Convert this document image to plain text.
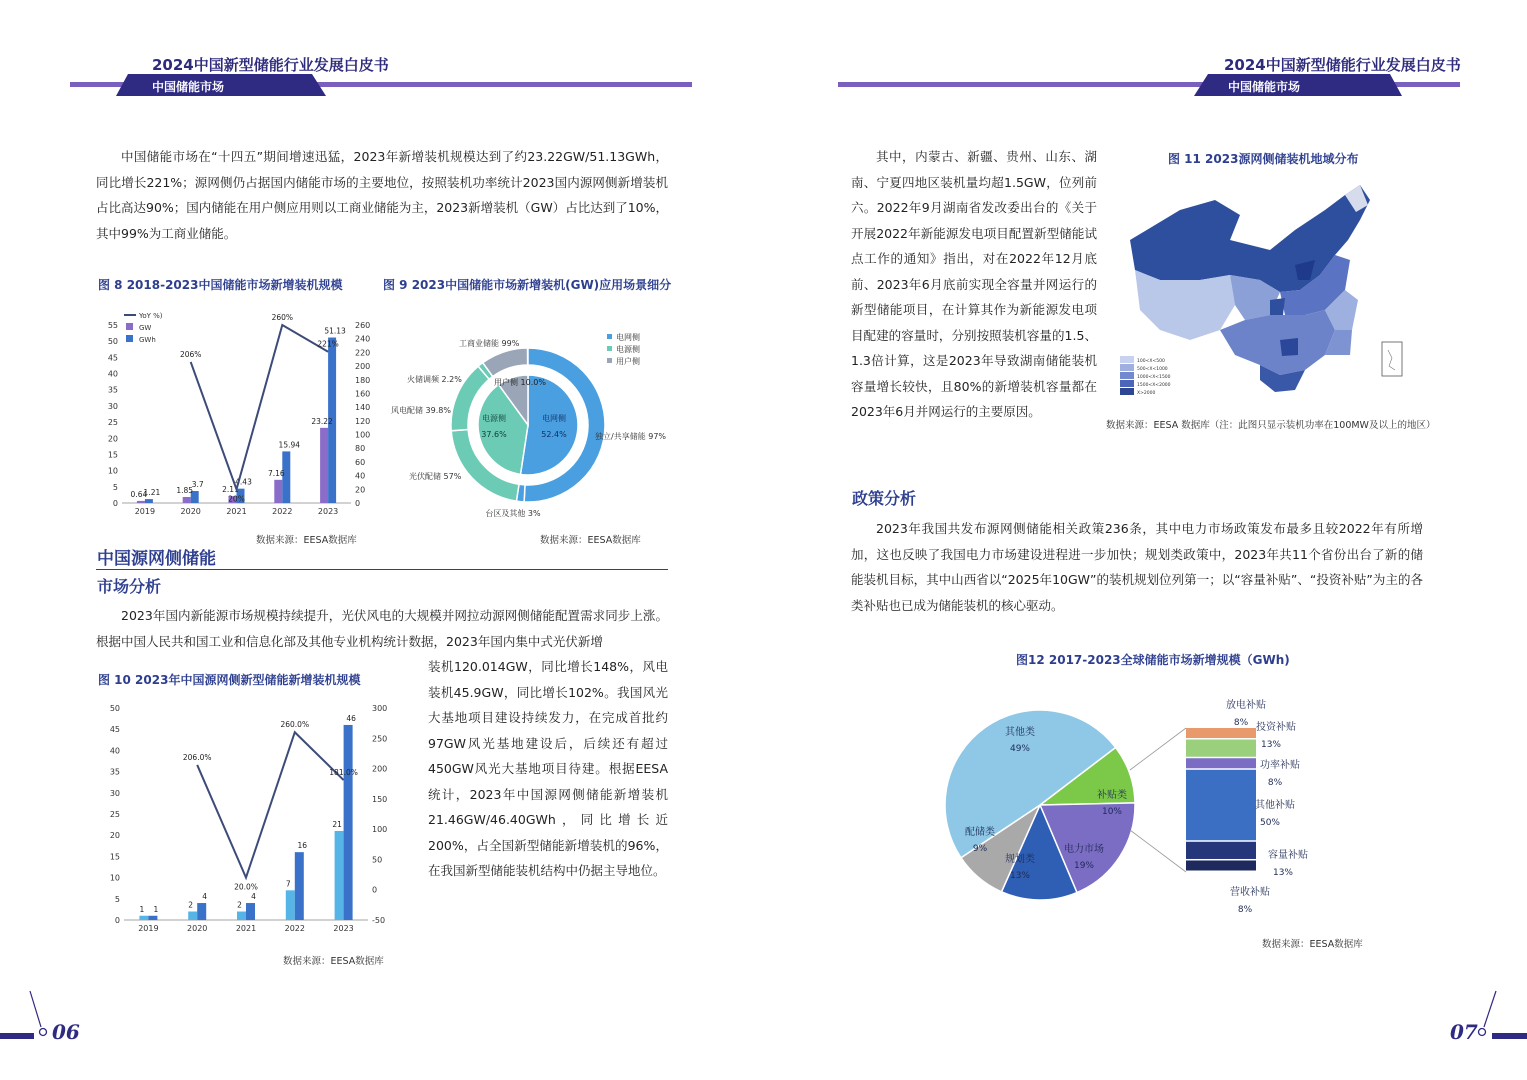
2024中国新型储能行业发展白皮书
中国储能市场
中国储能市场在“十四五”期间增速迅猛，2023年新增装机规模达到了约23.22GW/51.13GWh，同比增长221%；源网侧仍占据国内储能市场的主要地位，按照装机功率统计2023国内源网侧新增装机占比高达90%；国内储能在用户侧应用则以工商业储能为主，2023新增装机（GW）占比达到了10%，其中99%为工商业储能。
图 8 2018-2023中国储能市场新增装机规模	图 9 2023中国储能市场新增装机(GW)应用场景细分
0
5
10
15
20
25
30
35
40
45
50
55
0
20
40
60
80
100
120
140
160
180
200
220
240
260
2019
0.64
1.21
2020
1.85
3.7
2021
2.11
4.43
2022
7.16
15.94
2023
23.22
51.13
206%
20%
260%
221%
YoY %)
GW
GWh
电网侧
52.4%
电源侧
37.6%
用户侧 10.0%
独立/共享储能 97%
台区及其他 3%
光伏配储 57%
风电配储 39.8%
火储调频 2.2%
工商业储能 99%
电网侧
电源侧
用户侧
数据来源：EESA数据库	数据来源：EESA数据库
中国源网侧储能
市场分析
2023年国内新能源市场规模持续提升，光伏风电的大规模并网拉动源网侧储能配置需求同步上涨。根据中国人民共和国工业和信息化部及其他专业机构统计数据，2023年国内集中式光伏新增
图 10 2023年中国源网侧新型储能新增装机规模
0
5
10
15
20
25
30
35
40
45
50
-50
0
50
100
150
200
250
300
2019
1 1
2020
2
4
2021
2
4
2022
7
16
2023
21
46
206.0%
20.0%
260.0%
181.0%
数据来源：EESA数据库
装机120.014GW，同比增长148%，风电装机45.9GW，同比增长102%。我国风光大基地项目建设持续发力，在完成首批约97GW风光基地建设后，后续还有超过450GW风光大基地项目待建。根据EESA统计，2023年中国源网侧储能新增装机21.46GW/46.40GWh，同比增长近200%，占全国新型储能新增装机的96%，在我国新型储能装机结构中仍据主导地位。
06
2024中国新型储能行业发展白皮书
中国储能市场
其中，内蒙古、新疆、贵州、山东、湖南、宁夏四地区装机量均超1.5GW，位列前六。2022年9月湖南省发改委出台的《关于开展2022年新能源发电项目配置新型储能试点工作的通知》指出，对在2022年12月底前、2023年6月底前实现全容量并网运行的新型储能项目，在计算其作为新能源发电项目配建的容量时，分别按照装机容量的1.5、1.3倍计算，这是2023年导致湖南储能装机容量增长较快，且80%的新增装机容量都在2023年6月并网运行的主要原因。
图 11 2023源网侧储装机地域分布
100<X<500
500<X<1000
1000<X<1500
1500<X<2000
X>2000
数据来源：EESA 数据库（注：此图只显示装机功率在100MW及以上的地区）
政策分析
2023年我国共发布源网侧储能相关政策236条，其中电力市场政策发布最多且较2022年有所增加，这也反映了我国电力市场建设进程进一步加快；规划类政策中，2023年共11个省份出台了新的储能装机目标，其中山西省以“2025年10GW”的装机规划位列第一；以“容量补贴”、“投资补贴”为主的各类补贴也已成为储能装机的核心驱动。
图12 2017-2023全球储能市场新增规模（GWh)
其他类
49%
补贴类
10%
电力市场
19%
规划类
13%
配储类
9%
放电补贴
8% 投资补贴
13%
功率补贴
8%
其他补贴
50%
容量补贴
13%
营收补贴
8%
数据来源：EESA数据库
07
